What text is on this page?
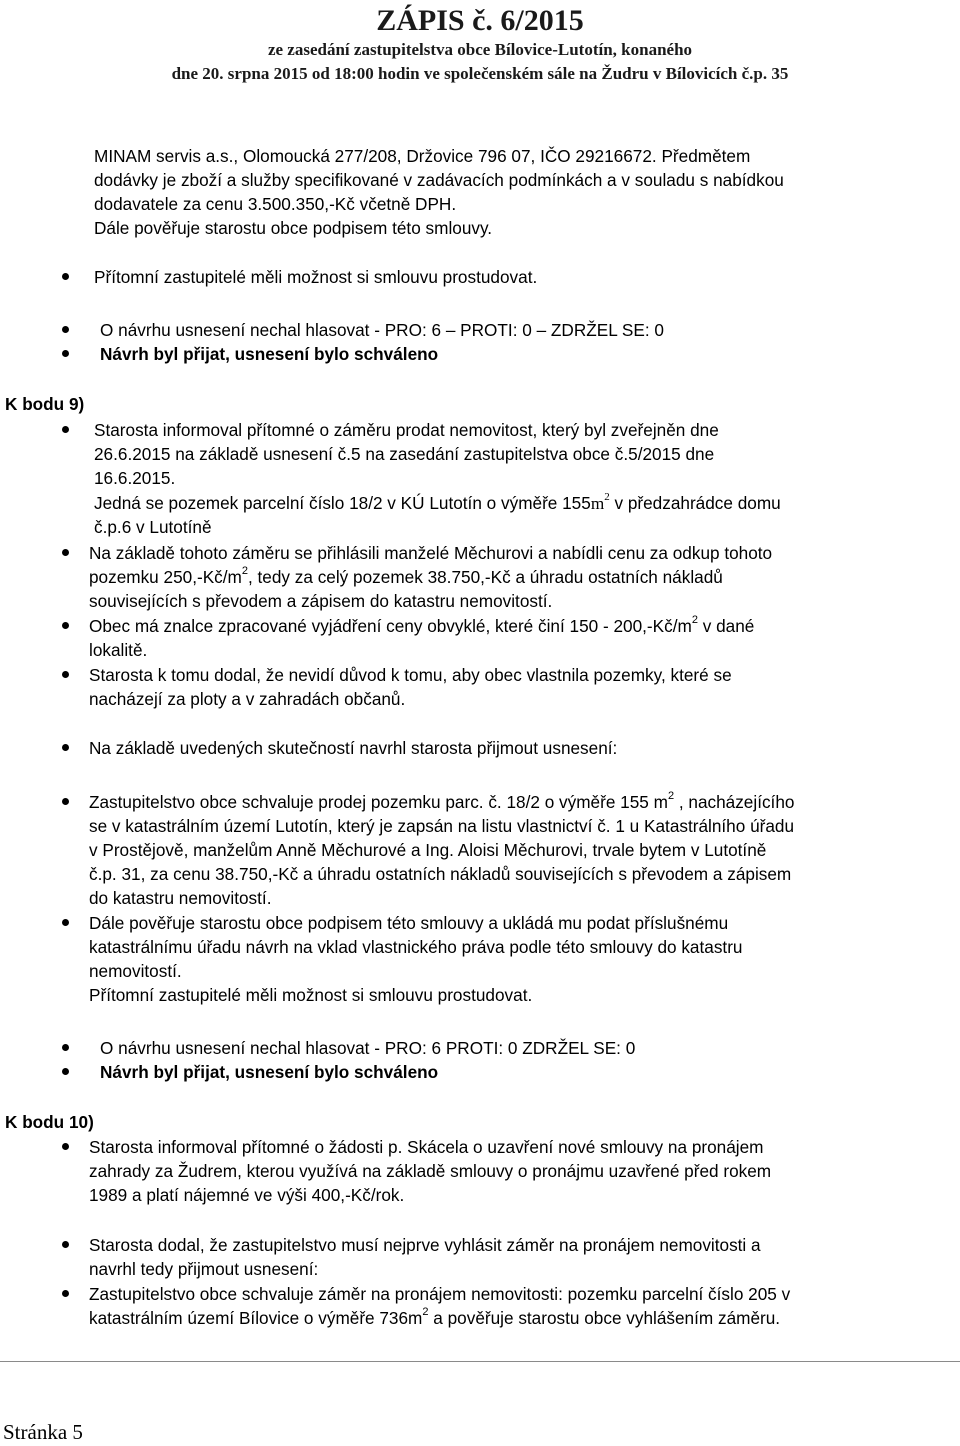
ZÁPIS č. 6/2015
ze zasedání zastupitelstva obce Bílovice-Lutotín, konaného
dne 20. srpna 2015 od 18:00 hodin ve společenském sále na Žudru v Bílovicích č.p. 35
MINAM servis a.s., Olomoucká 277/208, Držovice 796 07, IČO 29216672. Předmětem
dodávky je zboží a služby specifikované v zadávacích podmínkách a v souladu s nabídkou
dodavatele za cenu 3.500.350,-Kč včetně DPH.
Dále pověřuje starostu obce podpisem této smlouvy.
Přítomní zastupitelé měli možnost si smlouvu prostudovat.
O návrhu usnesení nechal hlasovat - PRO: 6 – PROTI: 0 – ZDRŽEL SE: 0
Návrh byl přijat, usnesení bylo schváleno
K bodu 9)
Starosta informoval přítomné o záměru prodat nemovitost, který byl zveřejněn dne
26.6.2015 na základě usnesení č.5 na zasedání zastupitelstva obce č.5/2015 dne
16.6.2015.
Jedná se pozemek parcelní číslo 18/2 v KÚ Lutotín o výměře $155m^2$ v předzahrádce domu
č.p.6 v Lutotíně
Na základě tohoto záměru se přihlásili manželé Měchurovi a nabídli cenu za odkup tohoto
pozemku $250,-Kč/m^2$, tedy za celý pozemek 38.750,-Kč a úhradu ostatních nákladů
souvisejících s převodem a zápisem do katastru nemovitostí.
Obec má znalce zpracované vyjádření ceny obvyklé, které činí $150 - 200,-Kč/m^2$ v dané
lokalitě.
Starosta k tomu dodal, že nevidí důvod k tomu, aby obec vlastnila pozemky, které se
nacházejí za ploty a v zahradách občanů.
Na základě uvedených skutečností navrhl starosta přijmout usnesení:
Zastupitelstvo obce schvaluje prodej pozemku parc. č. 18/2 o výměře 155 $m^2$ , nacházejícího
se v katastrálním území Lutotín, který je zapsán na listu vlastnictví č. 1 u Katastrálního úřadu
v Prostějově, manželům Anně Měchurové a Ing. Aloisi Měchurovi, trvale bytem v Lutotíně
č.p. 31, za cenu 38.750,-Kč a úhradu ostatních nákladů souvisejících s převodem a zápisem
do katastru nemovitostí.
Dále pověřuje starostu obce podpisem této smlouvy a ukládá mu podat příslušnému
katastrálnímu úřadu návrh na vklad vlastnického práva podle této smlouvy do katastru
nemovitostí.
Přítomní zastupitelé měli možnost si smlouvu prostudovat.
O návrhu usnesení nechal hlasovat - PRO: 6 PROTI: 0 ZDRŽEL SE: 0
Návrh byl přijat, usnesení bylo schváleno
K bodu 10)
Starosta informoval přítomné o žádosti p. Skácela o uzavření nové smlouvy na pronájem
zahrady za Žudrem, kterou využívá na základě smlouvy o pronájmu uzavřené před rokem
1989 a platí nájemné ve výši 400,-Kč/rok.
Starosta dodal, že zastupitelstvo musí nejprve vyhlásit záměr na pronájem nemovitosti a
navrhl tedy přijmout usnesení:
Zastupitelstvo obce schvaluje záměr na pronájem nemovitosti: pozemku parcelní číslo 205 v
katastrálním území Bílovice o výměře $736m^2$ a pověřuje starostu obce vyhlášením záměru.
Stránka 5
